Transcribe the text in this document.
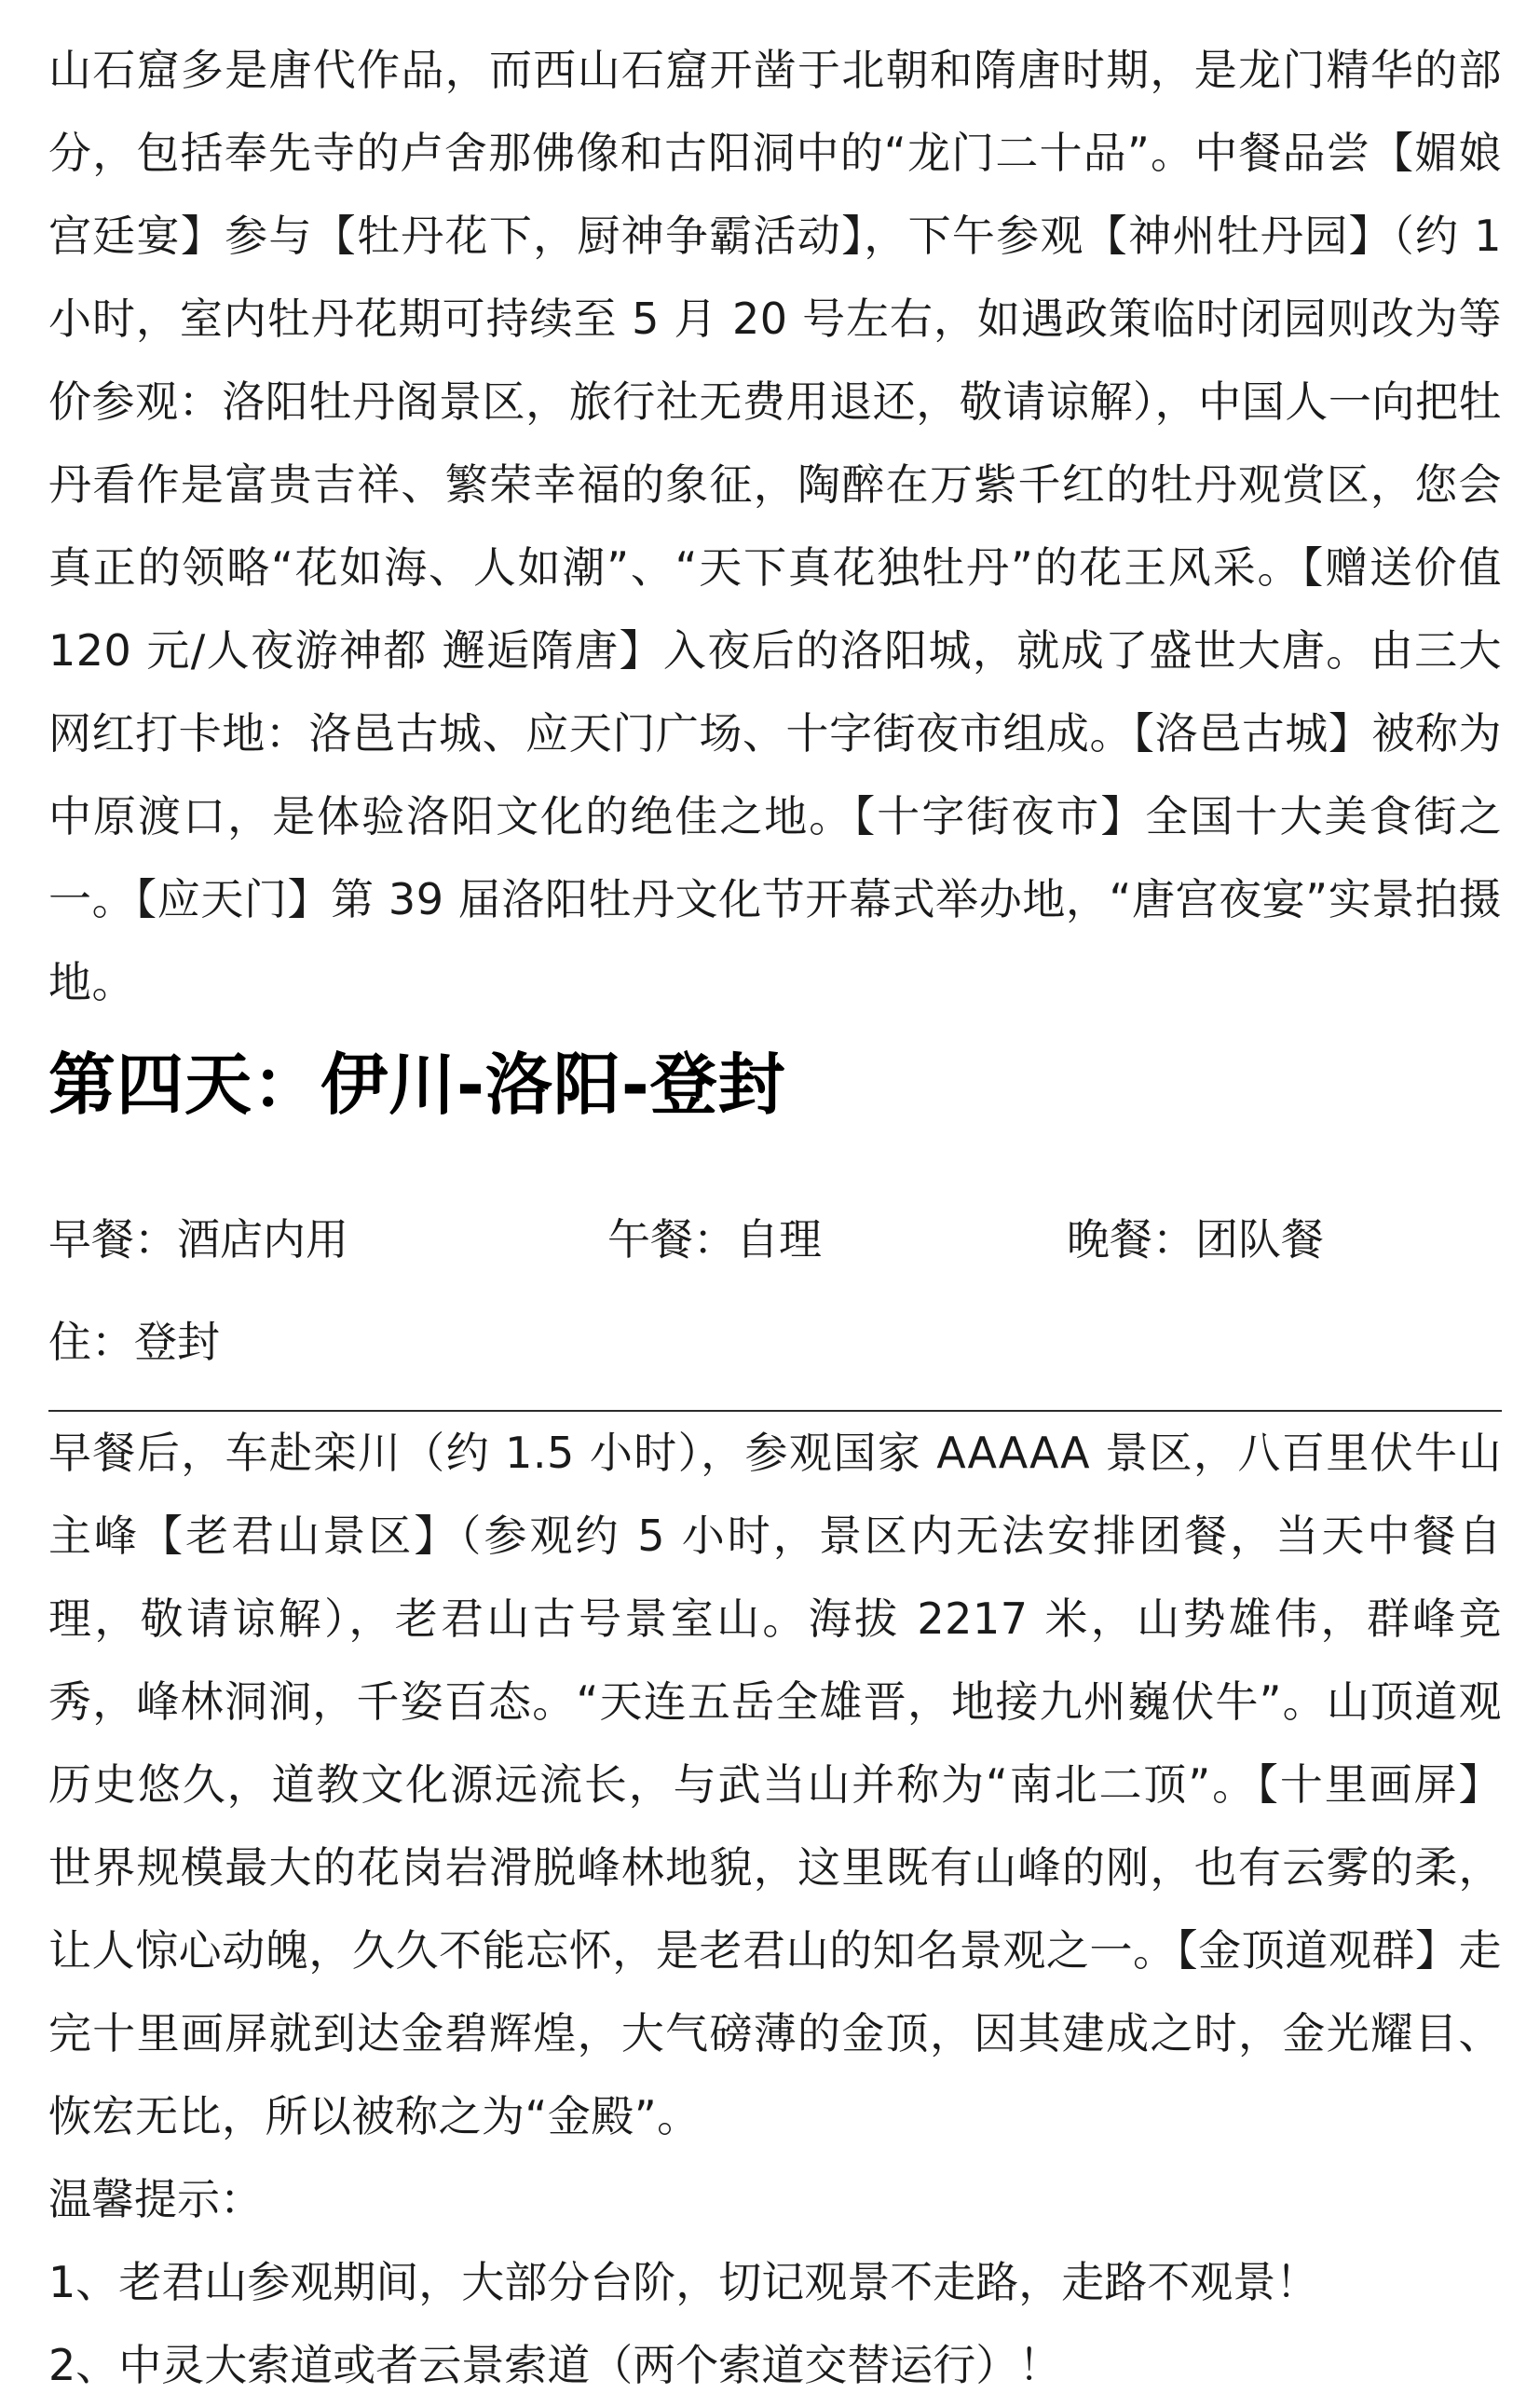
山石窟多是唐代作品，而西山石窟开凿于北朝和隋唐时期，是龙门精华的部分，包括奉先寺的卢舍那佛像和古阳洞中的“龙门二十品”。中餐品尝【媚娘宫廷宴】参与【牡丹花下，厨神争霸活动】，下午参观【神州牡丹园】（约 1 小时，室内牡丹花期可持续至 5 月 20 号左右，如遇政策临时闭园则改为等价参观：洛阳牡丹阁景区，旅行社无费用退还，敬请谅解），中国人一向把牡丹看作是富贵吉祥、繁荣幸福的象征，陶醉在万紫千红的牡丹观赏区，您会真正的领略“花如海、人如潮”、“天下真花独牡丹”的花王风采。【赠送价值 120 元/人夜游神都 邂逅隋唐】入夜后的洛阳城，就成了盛世大唐。由三大网红打卡地：洛邑古城、应天门广场、十字街夜市组成。【洛邑古城】被称为中原渡口，是体验洛阳文化的绝佳之地。【十字街夜市】全国十大美食街之一。【应天门】第 39 届洛阳牡丹文化节开幕式举办地，“唐宫夜宴”实景拍摄地。

第四天：伊川-洛阳-登封
早餐：酒店内用	午餐：自理	晚餐：团队餐
住：登封

早餐后，车赴栾川（约 1.5 小时），参观国家 AAAAA 景区，八百里伏牛山主峰【老君山景区】（参观约 5 小时，景区内无法安排团餐，当天中餐自理，敬请谅解），老君山古号景室山。海拔 2217 米，山势雄伟，群峰竞秀，峰林洞涧，千姿百态。“天连五岳全雄晋，地接九州巍伏牛”。山顶道观历史悠久，道教文化源远流长，与武当山并称为“南北二顶”。【十里画屏】世界规模最大的花岗岩滑脱峰林地貌，这里既有山峰的刚，也有云雾的柔，让人惊心动魄，久久不能忘怀，是老君山的知名景观之一。【金顶道观群】走完十里画屏就到达金碧辉煌，大气磅薄的金顶，因其建成之时，金光耀目、恢宏无比，所以被称之为“金殿”。

温馨提示：

1、老君山参观期间，大部分台阶，切记观景不走路，走路不观景！

2、中灵大索道或者云景索道（两个索道交替运行）！
